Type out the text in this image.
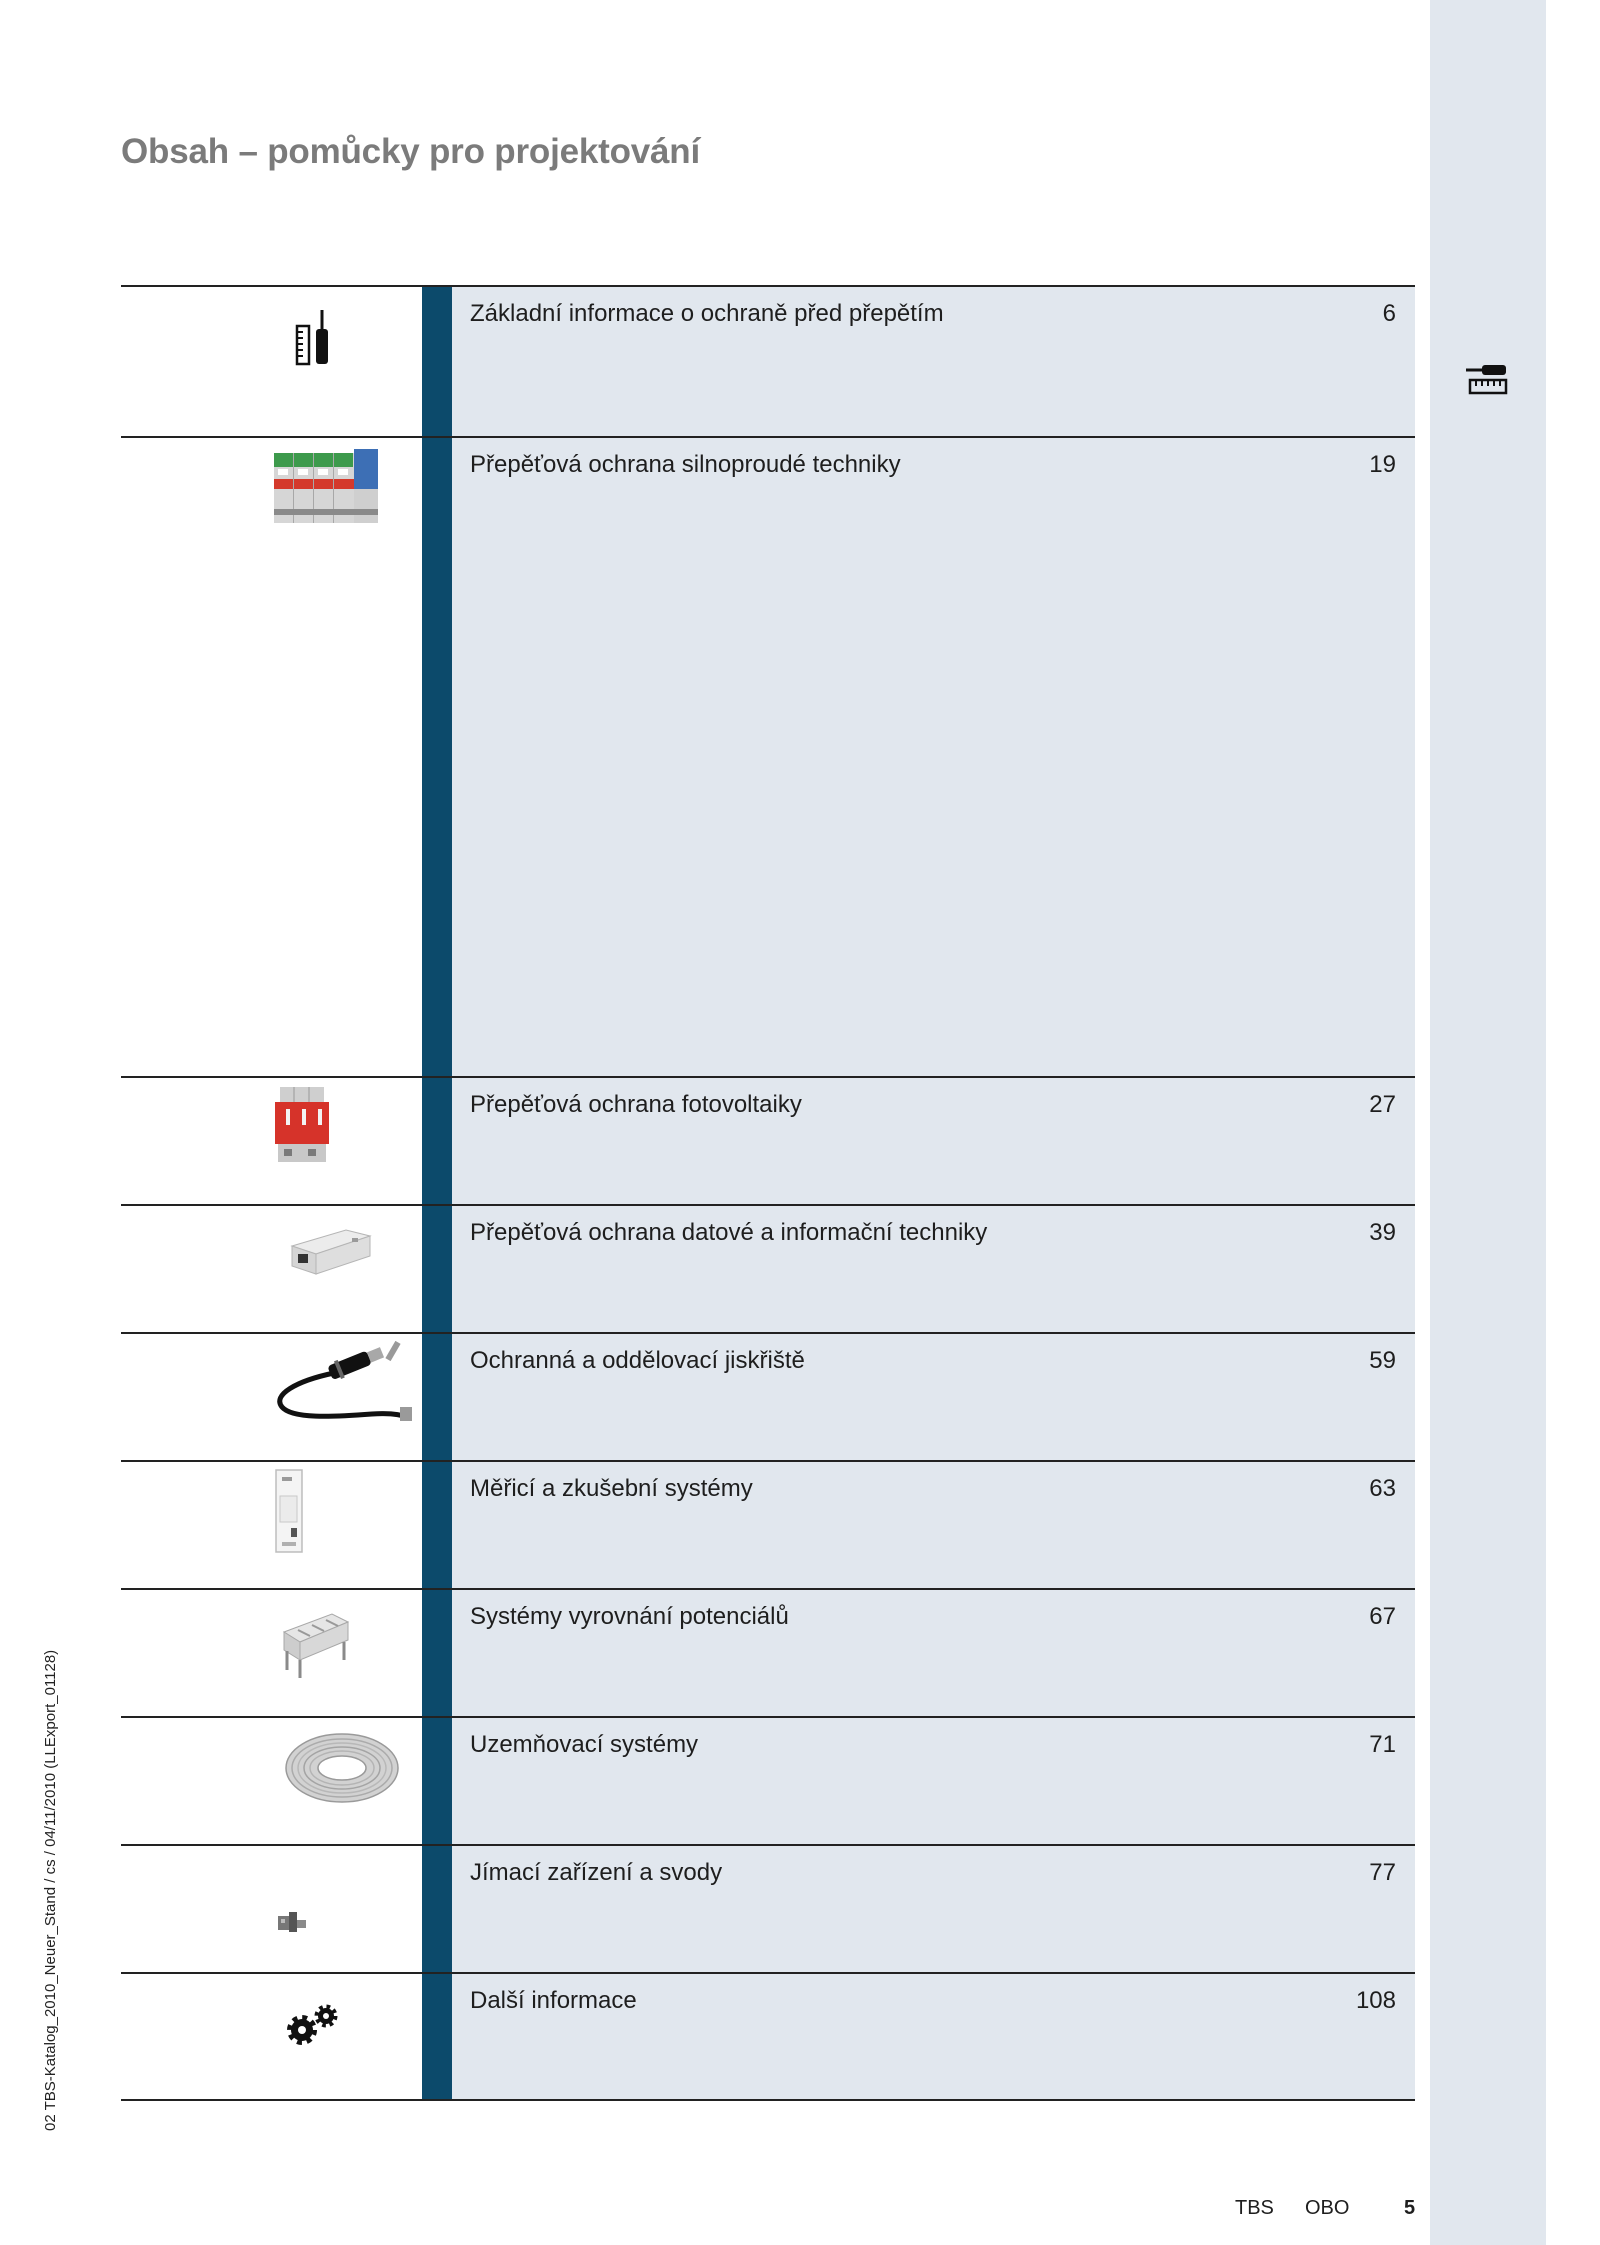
Obsah – pomůcky pro projektování
Základní informace o ochraně před přepětím	6
Přepěťová ochrana silnoproudé techniky	19
Přepěťová ochrana fotovoltaiky	27
Přepěťová ochrana datové a informační techniky	39
Ochranná a oddělovací jiskřiště	59
Měřicí a zkušební systémy	63
Systémy vyrovnání potenciálů	67
Uzemňovací systémy	71
Jímací zařízení a svody	77
Další informace	108
02 TBS-Katalog_2010_Neuer_Stand / cs / 04/11/2010 (LLExport_01128)
TBS OBO	5
